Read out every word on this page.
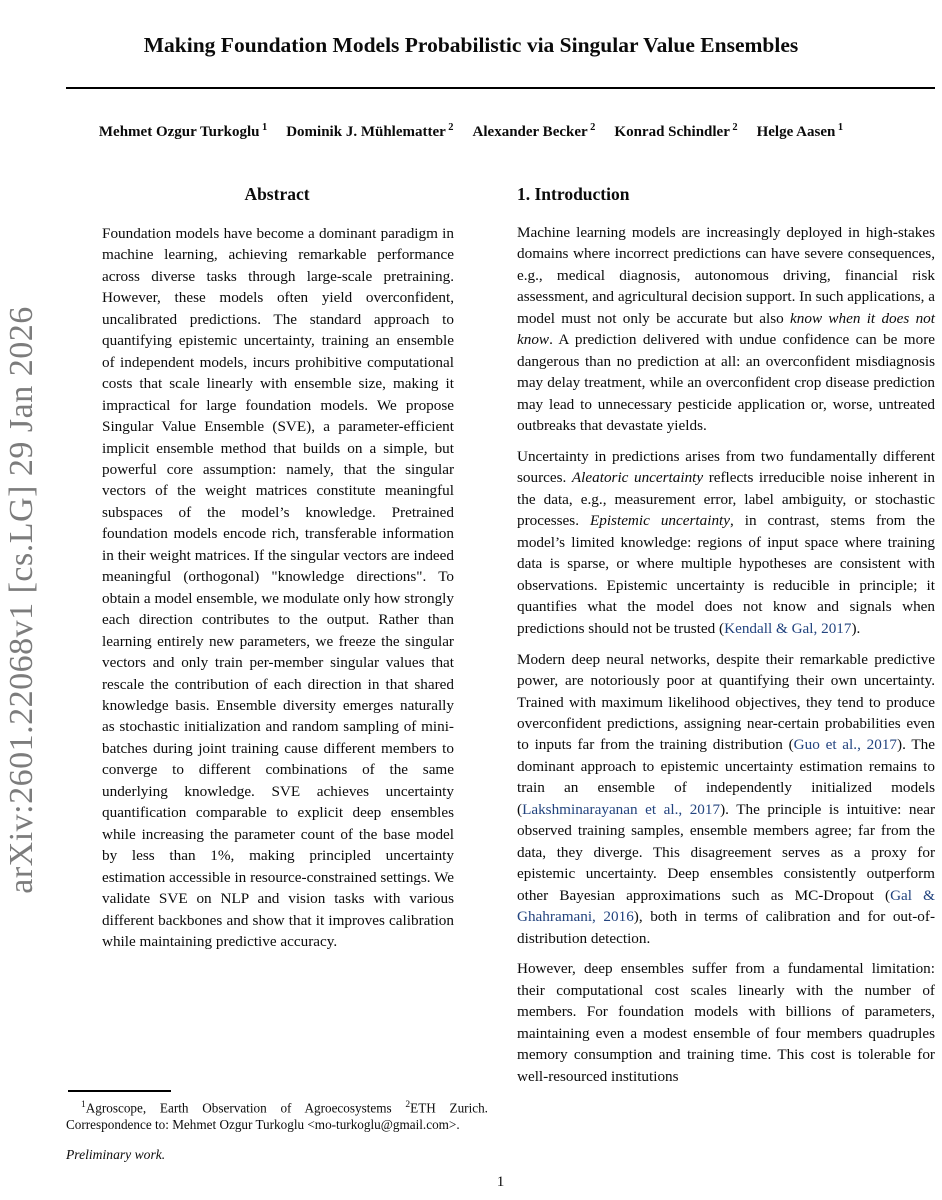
arXiv:2601.22068v1 [cs.LG] 29 Jan 2026
Making Foundation Models Probabilistic via Singular Value Ensembles
Mehmet Ozgur Turkoglu $^1$ Dominik J. Mühlematter $^2$ Alexander Becker $^2$ Konrad Schindler $^2$ Helge Aasen $^1$
Abstract
Foundation models have become a dominant paradigm in machine learning, achieving remarkable performance across diverse tasks through large-scale pretraining. However, these models often yield overconfident, uncalibrated predictions. The standard approach to quantifying epistemic uncertainty, training an ensemble of independent models, incurs prohibitive computational costs that scale linearly with ensemble size, making it impractical for large foundation models. We propose Singular Value Ensemble (SVE), a parameter-efficient implicit ensemble method that builds on a simple, but powerful core assumption: namely, that the singular vectors of the weight matrices constitute meaningful subspaces of the model’s knowledge. Pretrained foundation models encode rich, transferable information in their weight matrices. If the singular vectors are indeed meaningful (orthogonal) "knowledge directions". To obtain a model ensemble, we modulate only how strongly each direction contributes to the output. Rather than learning entirely new parameters, we freeze the singular vectors and only train per-member singular values that rescale the contribution of each direction in that shared knowledge basis. Ensemble diversity emerges naturally as stochastic initialization and random sampling of mini-batches during joint training cause different members to converge to different combinations of the same underlying knowledge. SVE achieves uncertainty quantification comparable to explicit deep ensembles while increasing the parameter count of the base model by less than 1%, making principled uncertainty estimation accessible in resource-constrained settings. We validate SVE on NLP and vision tasks with various different backbones and show that it improves calibration while maintaining predictive accuracy.

$^1$Agroscope, Earth Observation of Agroecosystems $^2$ETH Zurich. Correspondence to: Mehmet Ozgur Turkoglu <mo-turkoglu@gmail.com>.

Preliminary work.

1. Introduction

Machine learning models are increasingly deployed in high-stakes domains where incorrect predictions can have severe consequences, e.g., medical diagnosis, autonomous driving, financial risk assessment, and agricultural decision support. In such applications, a model must not only be accurate but also know when it does not know. A prediction delivered with undue confidence can be more dangerous than no prediction at all: an overconfident misdiagnosis may delay treatment, while an overconfident crop disease prediction may lead to unnecessary pesticide application or, worse, untreated outbreaks that devastate yields.

Uncertainty in predictions arises from two fundamentally different sources. Aleatoric uncertainty reflects irreducible noise inherent in the data, e.g., measurement error, label ambiguity, or stochastic processes. Epistemic uncertainty, in contrast, stems from the model’s limited knowledge: regions of input space where training data is sparse, or where multiple hypotheses are consistent with observations. Epistemic uncertainty is reducible in principle; it quantifies what the model does not know and signals when predictions should not be trusted (Kendall & Gal, 2017).

Modern deep neural networks, despite their remarkable predictive power, are notoriously poor at quantifying their own uncertainty. Trained with maximum likelihood objectives, they tend to produce overconfident predictions, assigning near-certain probabilities even to inputs far from the training distribution (Guo et al., 2017). The dominant approach to epistemic uncertainty estimation remains to train an ensemble of independently initialized models (Lakshminarayanan et al., 2017). The principle is intuitive: near observed training samples, ensemble members agree; far from the data, they diverge. This disagreement serves as a proxy for epistemic uncertainty. Deep ensembles consistently outperform other Bayesian approximations such as MC-Dropout (Gal & Ghahramani, 2016), both in terms of calibration and for out-of-distribution detection.

However, deep ensembles suffer from a fundamental limitation: their computational cost scales linearly with the number of members. For foundation models with billions of parameters, maintaining even a modest ensemble of four members quadruples memory consumption and training time. This cost is tolerable for well-resourced institutions

1
